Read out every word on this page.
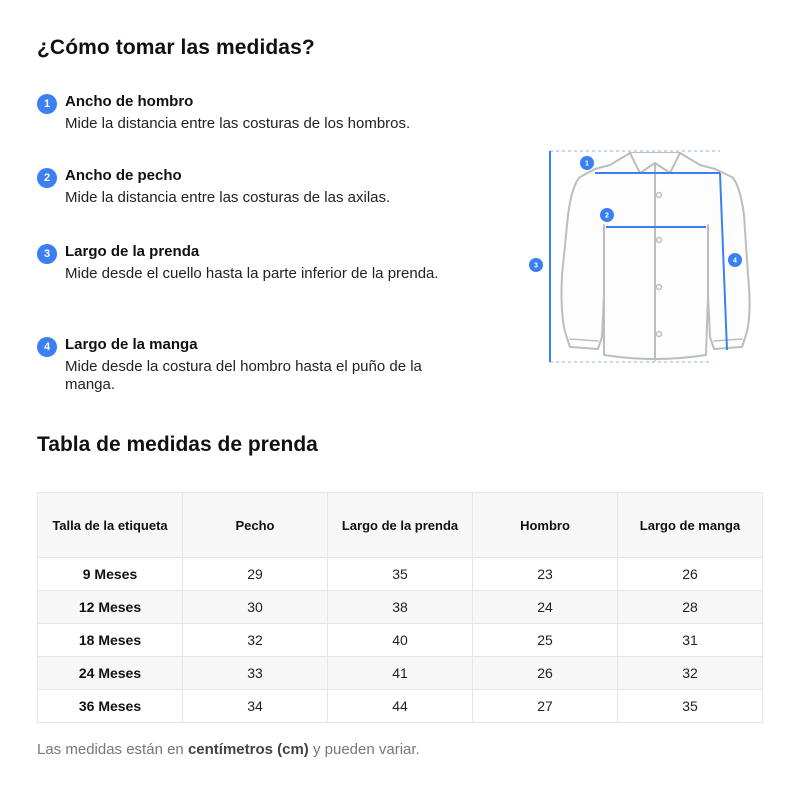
¿Cómo tomar las medidas?
1 Ancho de hombro
Mide la distancia entre las costuras de los hombros.
2 Ancho de pecho
Mide la distancia entre las costuras de las axilas.
3 Largo de la prenda
Mide desde el cuello hasta la parte inferior de la prenda.
4 Largo de la manga
Mide desde la costura del hombro hasta el puño de la manga.
1
2
3
4
Tabla de medidas de prenda
Talla de la etiqueta	Pecho	Largo de la prenda	Hombro	Largo de manga
9 Meses	29	35	23	26
12 Meses	30	38	24	28
18 Meses	32	40	25	31
24 Meses	33	41	26	32
36 Meses	34	44	27	35
Las medidas están en centímetros (cm) y pueden variar.
